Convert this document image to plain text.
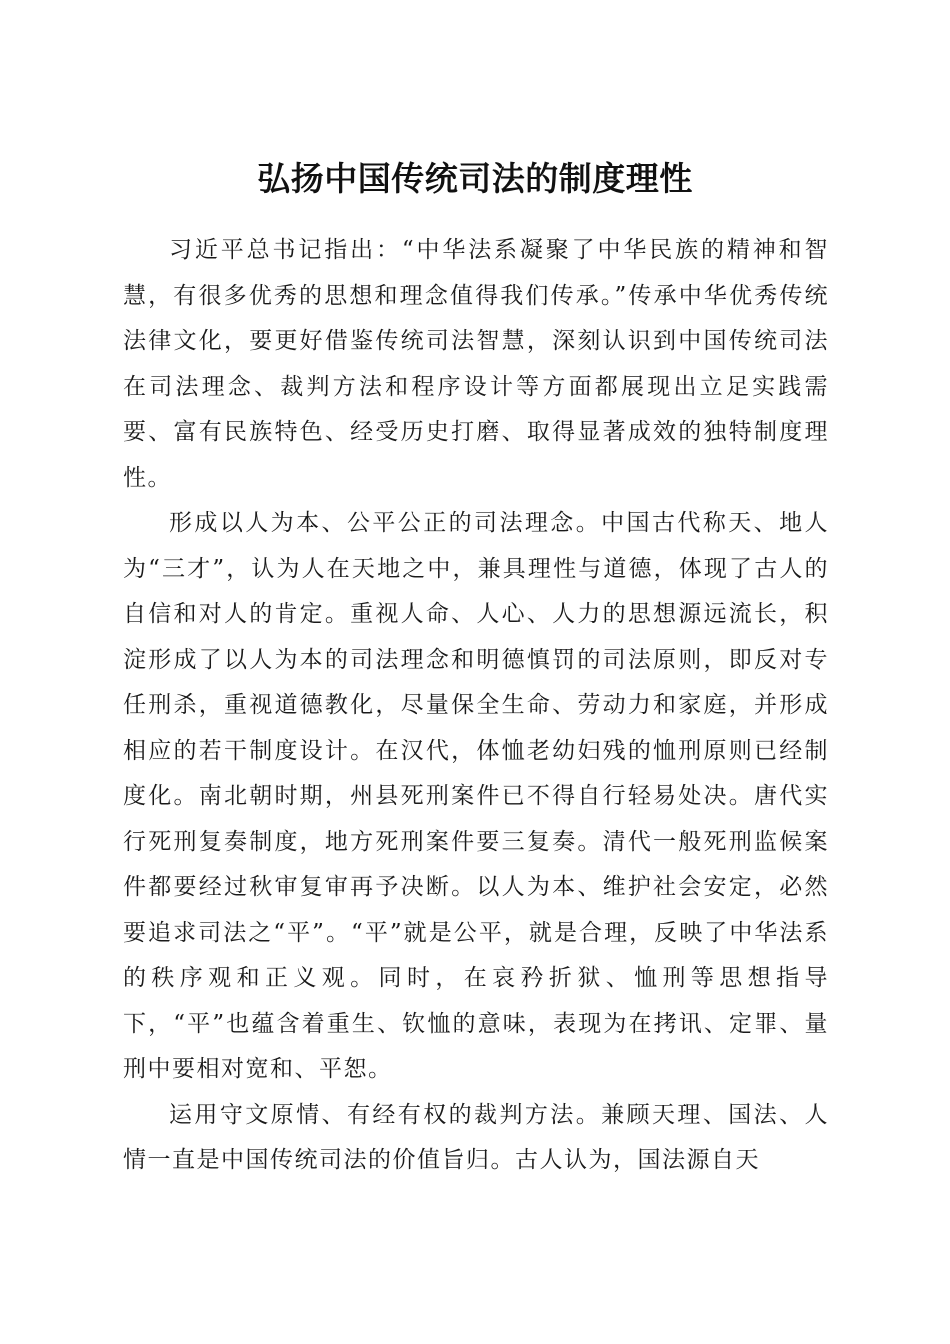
弘扬中国传统司法的制度理性

习近平总书记指出：“中华法系凝聚了中华民族的精神和智慧，有很多优秀的思想和理念值得我们传承。”传承中华优秀传统法律文化，要更好借鉴传统司法智慧，深刻认识到中国传统司法在司法理念、裁判方法和程序设计等方面都展现出立足实践需要、富有民族特色、经受历史打磨、取得显著成效的独特制度理性。

形成以人为本、公平公正的司法理念。中国古代称天、地人为“三才”，认为人在天地之中，兼具理性与道德，体现了古人的自信和对人的肯定。重视人命、人心、人力的思想源远流长，积淀形成了以人为本的司法理念和明德慎罚的司法原则，即反对专任刑杀，重视道德教化，尽量保全生命、劳动力和家庭，并形成相应的若干制度设计。在汉代，体恤老幼妇残的恤刑原则已经制度化。南北朝时期，州县死刑案件已不得自行轻易处决。唐代实行死刑复奏制度，地方死刑案件要三复奏。清代一般死刑监候案件都要经过秋审复审再予决断。以人为本、维护社会安定，必然要追求司法之“平”。“平”就是公平，就是合理，反映了中华法系的秩序观和正义观。同时，在哀矜折狱、恤刑等思想指导下，“平”也蕴含着重生、钦恤的意味，表现为在拷讯、定罪、量刑中要相对宽和、平恕。

运用守文原情、有经有权的裁判方法。兼顾天理、国法、人情一直是中国传统司法的价值旨归。古人认为，国法源自天
